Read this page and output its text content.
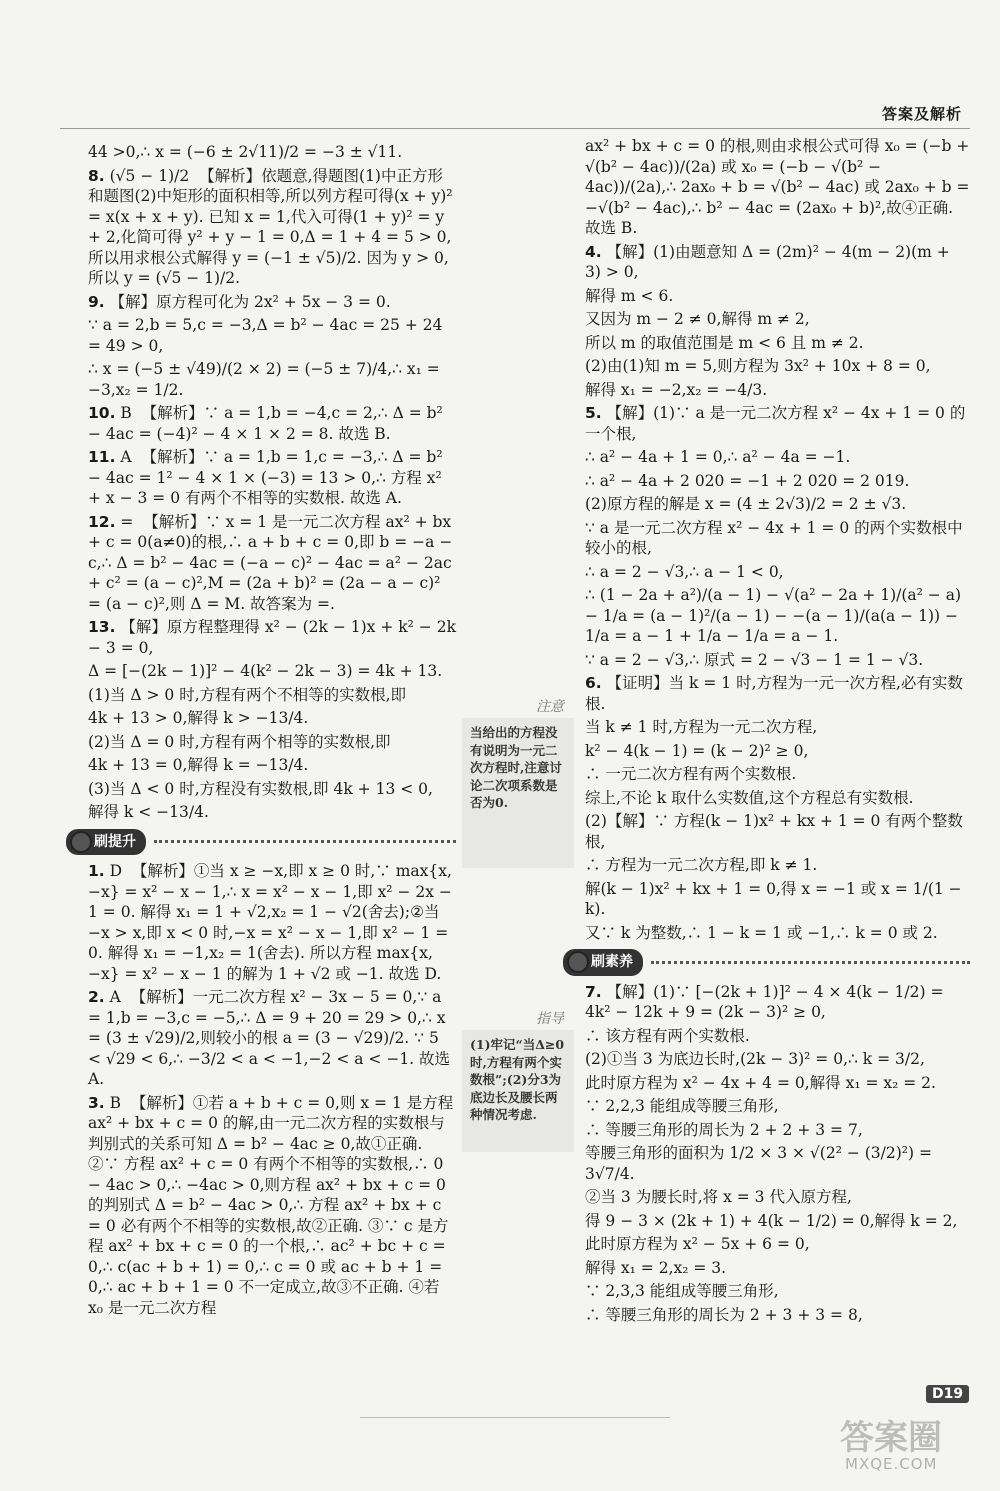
答案及解析
44 >0,∴ x = (−6 ± 2√11)/2 = −3 ± √11.
8. (√5 − 1)/2  【解析】依题意,得题图(1)中正方形和题图(2)中矩形的面积相等,所以列方程可得(x + y)² = x(x + x + y). 已知 x = 1,代入可得(1 + y)² = y + 2,化简可得 y² + y − 1 = 0,Δ = 1 + 4 = 5 > 0,所以用求根公式解得 y = (−1 ± √5)/2. 因为 y > 0,所以 y = (√5 − 1)/2.
9. 【解】原方程可化为 2x² + 5x − 3 = 0.
∵ a = 2,b = 5,c = −3,Δ = b² − 4ac = 25 + 24 = 49 > 0,
∴ x = (−5 ± √49)/(2 × 2) = (−5 ± 7)/4,∴ x₁ = −3,x₂ = 1/2.
10. B  【解析】∵ a = 1,b = −4,c = 2,∴ Δ = b² − 4ac = (−4)² − 4 × 1 × 2 = 8. 故选 B.
11. A  【解析】∵ a = 1,b = 1,c = −3,∴ Δ = b² − 4ac = 1² − 4 × 1 × (−3) = 13 > 0,∴ 方程 x² + x − 3 = 0 有两个不相等的实数根. 故选 A.
12. =  【解析】∵ x = 1 是一元二次方程 ax² + bx + c = 0(a≠0)的根,∴ a + b + c = 0,即 b = −a − c,∴ Δ = b² − 4ac = (−a − c)² − 4ac = a² − 2ac + c² = (a − c)²,M = (2a + b)² = (2a − a − c)² = (a − c)²,则 Δ = M. 故答案为 =.
13. 【解】原方程整理得 x² − (2k − 1)x + k² − 2k − 3 = 0,
Δ = [−(2k − 1)]² − 4(k² − 2k − 3) = 4k + 13.
(1)当 Δ > 0 时,方程有两个不相等的实数根,即
4k + 13 > 0,解得 k > −13/4.
(2)当 Δ = 0 时,方程有两个相等的实数根,即
4k + 13 = 0,解得 k = −13/4.
(3)当 Δ < 0 时,方程没有实数根,即 4k + 13 < 0,
解得 k < −13/4.
刷提升
1. D  【解析】①当 x ≥ −x,即 x ≥ 0 时,∵ max{x, −x} = x² − x − 1,∴ x = x² − x − 1,即 x² − 2x − 1 = 0. 解得 x₁ = 1 + √2,x₂ = 1 − √2(舍去);②当 −x > x,即 x < 0 时,−x = x² − x − 1,即 x² − 1 = 0. 解得 x₁ = −1,x₂ = 1(舍去). 所以方程 max{x, −x} = x² − x − 1 的解为 1 + √2 或 −1. 故选 D.
2. A  【解析】一元二次方程 x² − 3x − 5 = 0,∵ a = 1,b = −3,c = −5,∴ Δ = 9 + 20 = 29 > 0,∴ x = (3 ± √29)/2,则较小的根 a = (3 − √29)/2. ∵ 5 < √29 < 6,∴ −3/2 < a < −1,−2 < a < −1. 故选 A.
3. B  【解析】①若 a + b + c = 0,则 x = 1 是方程 ax² + bx + c = 0 的解,由一元二次方程的实数根与判别式的关系可知 Δ = b² − 4ac ≥ 0,故①正确. ②∵ 方程 ax² + c = 0 有两个不相等的实数根,∴ 0 − 4ac > 0,∴ −4ac > 0,则方程 ax² + bx + c = 0 的判别式 Δ = b² − 4ac > 0,∴ 方程 ax² + bx + c = 0 必有两个不相等的实数根,故②正确. ③∵ c 是方程 ax² + bx + c = 0 的一个根,∴ ac² + bc + c = 0,∴ c(ac + b + 1) = 0,∴ c = 0 或 ac + b + 1 = 0,∴ ac + b + 1 = 0 不一定成立,故③不正确. ④若 x₀ 是一元二次方程
ax² + bx + c = 0 的根,则由求根公式可得 x₀ = (−b + √(b² − 4ac))/(2a) 或 x₀ = (−b − √(b² − 4ac))/(2a),∴ 2ax₀ + b = √(b² − 4ac) 或 2ax₀ + b = −√(b² − 4ac),∴ b² − 4ac = (2ax₀ + b)²,故④正确. 故选 B.
4. 【解】(1)由题意知 Δ = (2m)² − 4(m − 2)(m + 3) > 0,
解得 m < 6.
又因为 m − 2 ≠ 0,解得 m ≠ 2,
所以 m 的取值范围是 m < 6 且 m ≠ 2.
(2)由(1)知 m = 5,则方程为 3x² + 10x + 8 = 0,
解得 x₁ = −2,x₂ = −4/3.
5. 【解】(1)∵ a 是一元二次方程 x² − 4x + 1 = 0 的一个根,
∴ a² − 4a + 1 = 0,∴ a² − 4a = −1.
∴ a² − 4a + 2 020 = −1 + 2 020 = 2 019.
(2)原方程的解是 x = (4 ± 2√3)/2 = 2 ± √3.
∵ a 是一元二次方程 x² − 4x + 1 = 0 的两个实数根中较小的根,
∴ a = 2 − √3,∴ a − 1 < 0,
∴ (1 − 2a + a²)/(a − 1) − √(a² − 2a + 1)/(a² − a) − 1/a = (a − 1)²/(a − 1) − −(a − 1)/(a(a − 1)) − 1/a = a − 1 + 1/a − 1/a = a − 1.
∵ a = 2 − √3,∴ 原式 = 2 − √3 − 1 = 1 − √3.
6. 【证明】当 k = 1 时,方程为一元一次方程,必有实数根.
当 k ≠ 1 时,方程为一元二次方程,
k² − 4(k − 1) = (k − 2)² ≥ 0,
∴ 一元二次方程有两个实数根.
综上,不论 k 取什么实数值,这个方程总有实数根.
(2)【解】∵ 方程(k − 1)x² + kx + 1 = 0 有两个整数根,
∴ 方程为一元二次方程,即 k ≠ 1.
解(k − 1)x² + kx + 1 = 0,得 x = −1 或 x = 1/(1 − k).
又∵ k 为整数,∴ 1 − k = 1 或 −1,∴ k = 0 或 2.
刷素养
7. 【解】(1)∵ [−(2k + 1)]² − 4 × 4(k − 1/2) = 4k² − 12k + 9 = (2k − 3)² ≥ 0,
∴ 该方程有两个实数根.
(2)①当 3 为底边长时,(2k − 3)² = 0,∴ k = 3/2,
此时原方程为 x² − 4x + 4 = 0,解得 x₁ = x₂ = 2.
∵ 2,2,3 能组成等腰三角形,
∴ 等腰三角形的周长为 2 + 2 + 3 = 7,
等腰三角形的面积为 1/2 × 3 × √(2² − (3/2)²) = 3√7/4.
②当 3 为腰长时,将 x = 3 代入原方程,
得 9 − 3 × (2k + 1) + 4(k − 1/2) = 0,解得 k = 2,
此时原方程为 x² − 5x + 6 = 0,
解得 x₁ = 2,x₂ = 3.
∵ 2,3,3 能组成等腰三角形,
∴ 等腰三角形的周长为 2 + 3 + 3 = 8,
注意
当给出的方程没有说明为一元二次方程时,注意讨论二次项系数是否为0.
指导
(1)牢记“当Δ≥0时,方程有两个实数根”;(2)分3为底边长及腰长两种情况考虑.
D19
答案圈
MXQE.COM
